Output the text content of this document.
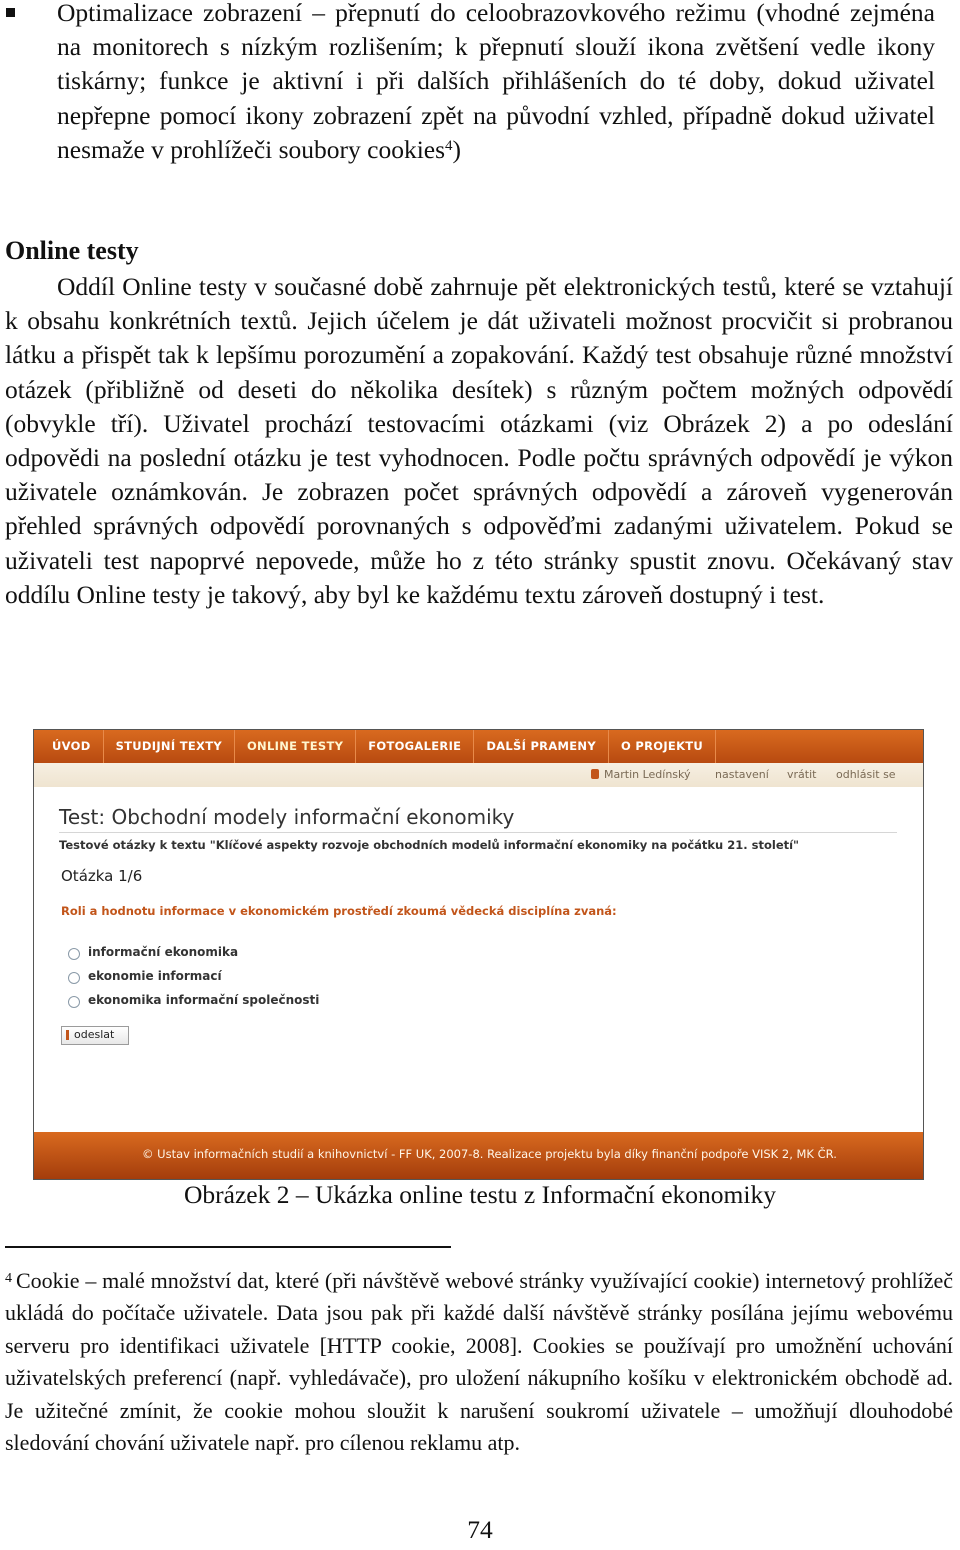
Optimalizace zobrazení – přepnutí do celoobrazovkového režimu (vhodné zejména na monitorech s nízkým rozlišením; k přepnutí slouží ikona zvětšení vedle ikony tiskárny; funkce je aktivní i při dalších přihlášeních do té doby, dokud uživatel nepřepne pomocí ikony zobrazení zpět na původní vzhled, případně dokud uživatel nesmaže v prohlížeči soubory cookies$^4$)
Online testy
Oddíl Online testy v současné době zahrnuje pět elektronických testů, které se vztahují k obsahu konkrétních textů. Jejich účelem je dát uživateli možnost procvičit si probranou látku a přispět tak k lepšímu porozumění a zopakování. Každý test obsahuje různé množství otázek (přibližně od deseti do několika desítek) s různým počtem možných odpovědí (obvykle tří). Uživatel prochází testovacími otázkami (viz Obrázek 2) a po odeslání odpovědi na poslední otázku je test vyhodnocen. Podle počtu správných odpovědí je výkon uživatele oznámkován. Je zobrazen počet správných odpovědí a zároveň vygenerován přehled správných odpovědí porovnaných s odpověďmi zadanými uživatelem. Pokud se uživateli test napoprvé nepovede, může ho z této stránky spustit znovu. Očekávaný stav oddílu Online testy je takový, aby byl ke každému textu zároveň dostupný i test.
ÚVOD	STUDIJNÍ TEXTY	ONLINE TESTY	FOTOGALERIE	DALŠÍ PRAMENY	O PROJEKTU
Martin Ledínský nastavení vrátit odhlásit se
Test: Obchodní modely informační ekonomiky
Testové otázky k textu "Klíčové aspekty rozvoje obchodních modelů informační ekonomiky na počátku 21. století"
Otázka 1/6
Roli a hodnotu informace v ekonomickém prostředí zkoumá vědecká disciplína zvaná:
informační ekonomika
ekonomie informací
ekonomika informační společnosti
odeslat
© Ustav informačních studií a knihovnictví - FF UK, 2007-8. Realizace projektu byla díky finanční podpoře VISK 2, MK ČR.
Obrázek 2 – Ukázka online testu z Informační ekonomiky
$^4$ Cookie – malé množství dat, které (při návštěvě webové stránky využívající cookie) internetový prohlížeč ukládá do počítače uživatele. Data jsou pak při každé další návštěvě stránky posílána jejímu webovému serveru pro identifikaci uživatele [HTTP cookie, 2008]. Cookies se používají pro umožnění uchování uživatelských preferencí (např. vyhledávače), pro uložení nákupního košíku v elektronickém obchodě ad. Je užitečné zmínit, že cookie mohou sloužit k narušení soukromí uživatele – umožňují dlouhodobé sledování chování uživatele např. pro cílenou reklamu atp.
74
